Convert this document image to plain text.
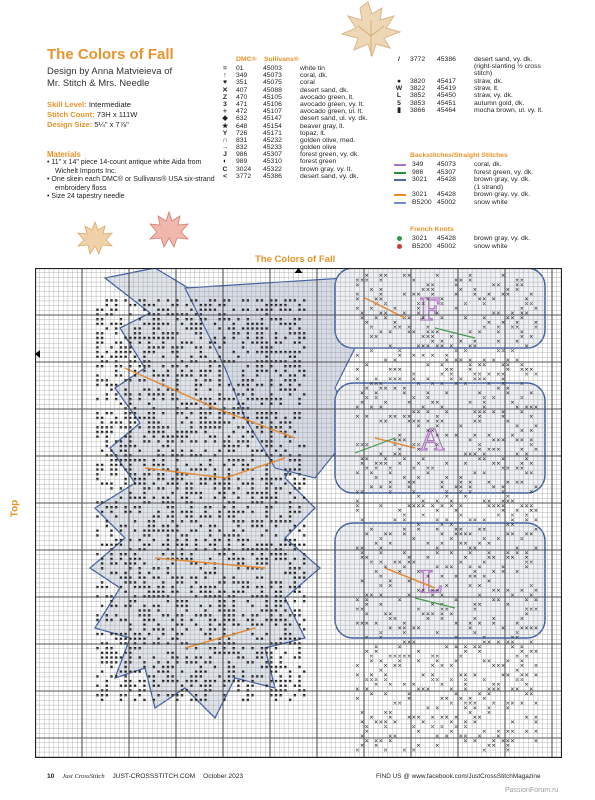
The Colors of Fall
Design by Anna Matvieieva of
Mr. Stitch & Mrs. Needle
Skill Level: Intermediate
Stitch Count: 73H x 111W
Design Size: 5¼" x 7⅞"
Materials
• 11" x 14" piece 14-count antique white Aida from Wichelt Imports Inc.
• One skein each DMC® or Sullivans® USA six-strand embroidery floss
• Size 24 tapestry needle
DMC® Sullivans®
=	01	45003	white tin
↑	349 45073	coral, dk.
♥	351 45075	coral
✕	407 45088	desert sand, dk.
Z	470 45105	avocado green, lt.
3	471 45106	avocado green, vy. lt.
+	472 45107	avocado green, ul. lt.
◆	632 45147	desert sand, ul. vy. dk.
★ 648 45154	beaver gray, lt.
Y	726 45171	topaz, lt.
∩	831 45232	golden olive, med.
→ 832 45233	golden olive
J	986 45307	forest green, vy. dk.
◐	989 45310	forest green
C	3024 45322	brown gray, vy. lt.
<	3772 45386	desert sand, vy. dk.
/	3772 45386	desert sand, vy. dk. (right-slanting ½ cross stitch)
●	3820 45417	straw, dk.
W 3822 45419	straw, lt.
L	3852 45450	straw, vy. dk.
5	3853 45451	autumn gold, dk.
▮	3866 45464	mocha brown, ul. vy. lt.
Backstitches/Straight Stitches
349 45073	coral, dk.
986 45307	forest green, vy. dk.
3021 45428	brown gray, vy. dk.
(1 strand)
3021 45428	brown gray, vy. dk.
B5200 45002	snow white
French Knots
3021 45428	brown gray, vy. dk.
B5200 45002	snow white
The Colors of Fall
Top
F
A
L
10 Just CrossStitch JUST-CROSSSTITCH.COM October 2023	FIND US @ www.facebook.com/JustCrossStitchMagazine
PassionForum.ru
